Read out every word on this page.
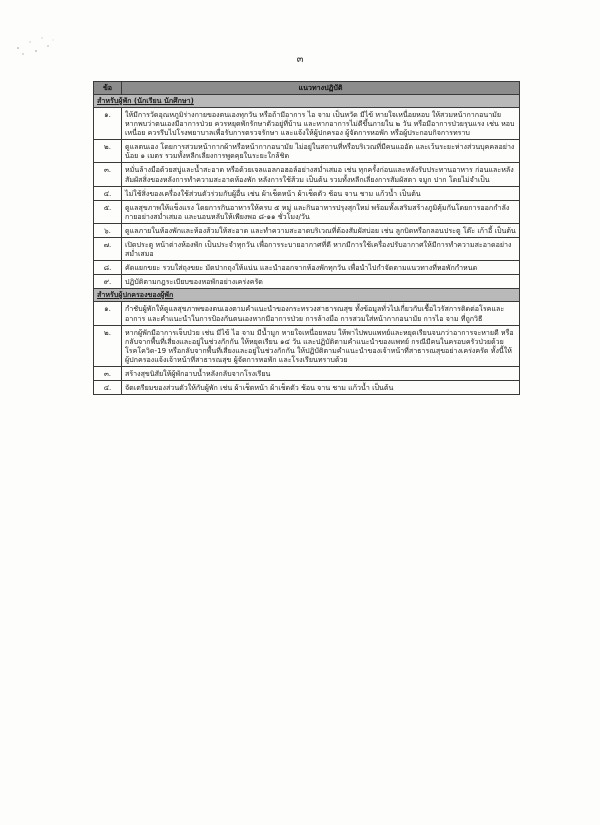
๓
ข้อ	แนวทางปฏิบัติ
สำหรับผู้พัก (นักเรียน นักศึกษา)	
๑.	ให้มีการวัดอุณหภูมิร่างกายของตนเองทุกวัน หรือถ้ามีอาการ ไอ จาม เป็นหวัด มีไข้ หายใจเหนื่อยหอบ ให้สวมหน้ากากอนามัย หากพบว่าตนเองมีอาการป่วย ควรหยุดพักรักษาตัวอยู่ที่บ้าน และหากอาการไม่ดีขึ้นภายใน ๒ วัน หรือมีอาการป่วยรุนแรง เช่น หอบเหนื่อย ควรรีบไปโรงพยาบาลเพื่อรับการตรวจรักษา และแจ้งให้ผู้ปกครอง ผู้จัดการหอพัก หรือผู้ประกอบกิจการทราบ
๒.	ดูแลตนเอง โดยการสวมหน้ากากผ้าหรือหน้ากากอนามัย ไม่อยู่ในสถานที่หรือบริเวณที่มีคนแออัด และเว้นระยะห่างส่วนบุคคลอย่างน้อย ๑ เมตร รวมทั้งหลีกเลี่ยงการพูดคุยในระยะใกล้ชิด
๓.	หมั่นล้างมือด้วยสบู่และน้ำสะอาด หรือด้วยเจลแอลกอฮอล์อย่างสม่ำเสมอ เช่น ทุกครั้งก่อนและหลังรับประทานอาหาร ก่อนและหลังสัมผัสสิ่งของหลังการทำความสะอาดห้องพัก หลังการใช้ส้วม เป็นต้น รวมทั้งหลีกเลี่ยงการสัมผัสตา จมูก ปาก โดยไม่จำเป็น
๔.	ไม่ใช้สิ่งของเครื่องใช้ส่วนตัวร่วมกับผู้อื่น เช่น ผ้าเช็ดหน้า ผ้าเช็ดตัว ช้อน จาน ชาม แก้วน้ำ เป็นต้น
๕.	ดูแลสุขภาพให้แข็งแรง โดยการกินอาหารให้ครบ ๕ หมู่ และกินอาหารปรุงสุกใหม่ พร้อมทั้งเสริมสร้างภูมิคุ้มกันโดยการออกกำลังกายอย่างสม่ำเสมอ และนอนหลับให้เพียงพอ ๘-๑๑ ชั่วโมง/วัน
๖.	ดูแลภายในห้องพักและห้องส้วมให้สะอาด และทำความสะอาดบริเวณที่ต้องสัมผัสบ่อย เช่น ลูกบิดหรือกลอนประตู โต๊ะ เก้าอี้ เป็นต้น
๗.	เปิดประตู หน้าต่างห้องพัก เป็นประจำทุกวัน เพื่อการระบายอากาศที่ดี หากมีการใช้เครื่องปรับอากาศให้มีการทำความสะอาดอย่างสม่ำเสมอ
๘.	คัดแยกขยะ รวบใส่ถุงขยะ มัดปากถุงให้แน่น และนำออกจากห้องพักทุกวัน เพื่อนำไปกำจัดตามแนวทางที่หอพักกำหนด
๙.	ปฏิบัติตามกฎระเบียบของหอพักอย่างเคร่งครัด
สำหรับผู้ปกครองของผู้พัก	
๑.	กำชับผู้พักให้ดูแลสุขภาพของตนเองตามคำแนะนำของกระทรวงสาธารณสุข ทั้งข้อมูลทั่วไปเกี่ยวกับเชื้อไวรัสการติดต่อโรคและอาการ และคำแนะนำในการป้องกันตนเองหากมีอาการป่วย การล้างมือ การสวมใส่หน้ากากอนามัย การไอ จาม ที่ถูกวิธี
๒.	หากผู้พักมีอาการเจ็บป่วย เช่น มีไข้ ไอ จาม มีน้ำมูก หายใจเหนื่อยหอบ ให้พาไปพบแพทย์และหยุดเรียนจนกว่าอาการจะหายดี หรือกลับจากพื้นที่เสี่ยงและอยู่ในช่วงกักกัน ให้หยุดเรียน ๑๔ วัน และปฏิบัติตามคำแนะนำของแพทย์ กรณีมีคนในครอบครัวป่วยด้วยโรคโควิด-19 หรือกลับจากพื้นที่เสี่ยงและอยู่ในช่วงกักกัน ให้ปฏิบัติตามคำแนะนำของเจ้าหน้าที่สาธารณสุขอย่างเคร่งครัด ทั้งนี้ให้ผู้ปกครองแจ้งเจ้าหน้าที่สาธารณสุข ผู้จัดการหอพัก และโรงเรียนทราบด้วย
๓.	สร้างสุขนิสัยให้ผู้พักอาบน้ำหลังกลับจากโรงเรียน
๔.	จัดเตรียมของส่วนตัวให้กับผู้พัก เช่น ผ้าเช็ดหน้า ผ้าเช็ดตัว ช้อน จาน ชาม แก้วน้ำ เป็นต้น
